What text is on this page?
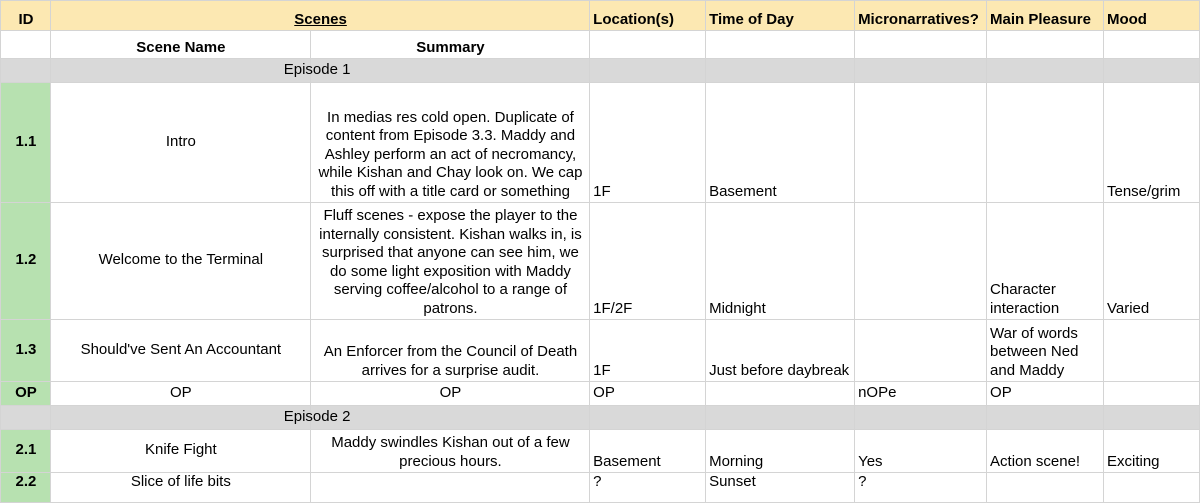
ID	Scenes		Location(s)	Time of Day	Micronarratives?	Main Pleasure	Mood
	Scene Name	Summary					
		Episode 1					
1.1	Intro	In medias res cold open. Duplicate of content from Episode 3.3. Maddy and Ashley perform an act of necromancy, while Kishan and Chay look on. We cap this off with a title card or something	1F	Basement			Tense/grim
1.2	Welcome to the Terminal	Fluff scenes - expose the player to the internally consistent. Kishan walks in, is surprised that anyone can see him, we do some light exposition with Maddy serving coffee/alcohol to a range of patrons.	1F/2F	Midnight		Character interaction	Varied
1.3	Should've Sent An Accountant	An Enforcer from the Council of Death arrives for a surprise audit.	1F	Just before daybreak		War of words between Ned and Maddy	
OP	OP	OP	OP		nOPe	OP	
		Episode 2					
2.1	Knife Fight	Maddy swindles Kishan out of a few precious hours.	Basement	Morning	Yes	Action scene!	Exciting
2.2	Slice of life bits		?	Sunset	?		
